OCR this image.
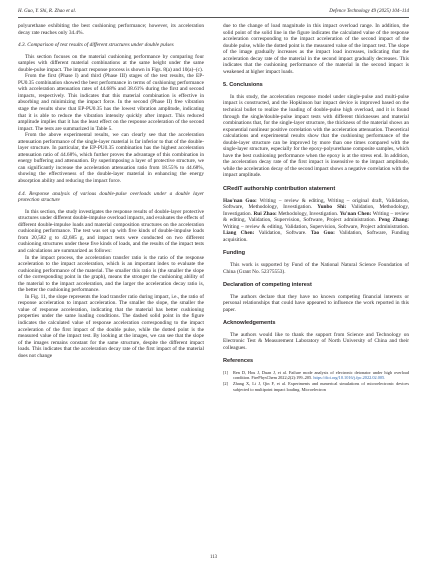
H. Guo, Y. Shi, R. Zhao et al.	Defence Technology 49 (2025) 104–114

polyurethane exhibiting the best cushioning performance; however, its acceleration decay rate reaches only 34.4%.

4.3. Comparison of test results of different structures under double pulses

This section focuses on the material cushioning performance by comparing four samples with different material combinations at the same height under the same double-pulse impact. The impact response process is shown in Figs. 8(a) and 10(a)–(c).

From the first (Phase I) and third (Phase III) stages of the test results, the EP-PU0.35 combination showed the best performance in terms of cushioning performance with acceleration attenuation rates of 44.68% and 38.61% during the first and second impacts, respectively. This indicates that this material combination is effective in absorbing and minimizing the impact force. In the second (Phase II) free vibration stage the results show that EP-PU0.35 has the lowest vibration amplitude, indicating that it is able to reduce the vibration intensity quickly after impact. This reduced amplitude implies that it has the least effect on the response acceleration of the second impact. The tests are summarized in Table 5.

From the above experimental results, we can clearly see that the acceleration attenuation performance of the single-layer material is far inferior to that of the double-layer structure. In particular, the EP-PU0.35 combination has the highest acceleration attenuation ratio of 44.68%, which further proves the advantage of this combination in energy buffering and attenuation. By superimposing a layer of protective structure, we can significantly increase the acceleration attenuation ratio from 18.55% to 44.68%, showing the effectiveness of the double-layer material in enhancing the energy absorption ability and reducing the impact force.

4.4. Response analysis of various double-pulse overloads under a double layer protection structure

In this section, the study investigates the response results of double-layer protective structures under different double-impulse overload impacts, and evaluates the effects of different double-impulse loads and material composition structures on the acceleration cushioning performance. The test was set up with five kinds of double-impulse loads from 20,582 g to 42,685 g, and impact tests were conducted on two different cushioning structures under these five kinds of loads, and the results of the impact tests and calculations are summarized as follows:

In the impact process, the acceleration transfer ratio is the ratio of the response acceleration to the impact acceleration, which is an important index to evaluate the cushioning performance of the material. The smaller this ratio is (the smaller the slope of the corresponding point in the graph), means the stronger the cushioning ability of the material to the impact acceleration, and the larger the acceleration decay ratio is, the better the cushioning performance.

In Fig. 11, the slope represents the load transfer ratio during impact, i.e., the ratio of response acceleration to impact acceleration. The smaller the slope, the smaller the value of response acceleration, indicating that the material has better cushioning properties under the same loading conditions. The dashed solid point in the figure indicates the calculated value of response acceleration corresponding to the impact acceleration of the first impact of the double pulse, while the dotted point is the measured value of the impact test. By looking at the images, we can see that the slope of the images remains constant for the same structure, despite the different impact loads. This indicates that the acceleration decay rate of the first impact of the material does not change

due to the change of load magnitude in this impact overload range. In addition, the solid point of the solid line in the figure indicates the calculated value of the response acceleration corresponding to the impact acceleration of the second impact of the double pulse, while the dotted point is the measured value of the impact test. The slope of the image gradually increases as the impact load increases, indicating that the acceleration decay rate of the material in the second impact gradually decreases. This indicates that the cushioning performance of the material in the second impact is weakened at higher impact loads.

5. Conclusions

In this study, the acceleration response model under single-pulse and multi-pulse impact is constructed, and the Hopkinson bar impact device is improved based on the technical bullet to realize the loading of double-pulse high overload, and it is found through the single/double-pulse impact tests with different thicknesses and material combinations that, for the single-layer structure, the thickness of the material shows an exponential nonlinear positive correlation with the acceleration attenuation. Theoretical calculations and experimental results show that the cushioning performance of the double-layer structure can be improved by more than one times compared with the single-layer structure, especially for the epoxy-polyurethane composite samples, which have the best cushioning performance when the epoxy is at the stress end. In addition, the acceleration decay rate of the first impact is insensitive to the impact amplitude, while the acceleration decay of the second impact shows a negative correlation with the impact amplitude.

CRediT authorship contribution statement

Hao'nan Guo: Writing – review & editing, Writing – original draft, Validation, Software, Methodology, Investigation. Yunbo Shi: Validation, Methodology, Investigation. Rui Zhao: Methodology, Investigation. Yu'nan Chen: Writing – review & editing, Validation, Supervision, Software, Project administration. Peng Zhang: Writing – review & editing, Validation, Supervision, Software, Project administration. Liang Chen: Validation, Software. Tao Guo: Validation, Software, Funding acquisition.

Funding

This work is supported by Fund of the National Natural Science Foundation of China (Grant No. 52375553).

Declaration of competing interest

The authors declare that they have no known competing financial interests or personal relationships that could have appeared to influence the work reported in this paper.

Acknowledgements

The authors would like to thank the support from Science and Technology on Electronic Test & Measurement Laboratory of North University of China and their colleagues.

References
[1]	Ren D, Hou J, Duan J, et al. Failure mode analysis of electronic detonator under high overload condition. FirePhysChem 2022;2(2):199–205. https://doi.org/10.1016/j.fpc.2022.02.005.
[2]	Zhang X, Li J, Qin F, et al. Experiments and numerical simulations of microelectronic devices subjected to multipoint impact loading. Microelectron
113
